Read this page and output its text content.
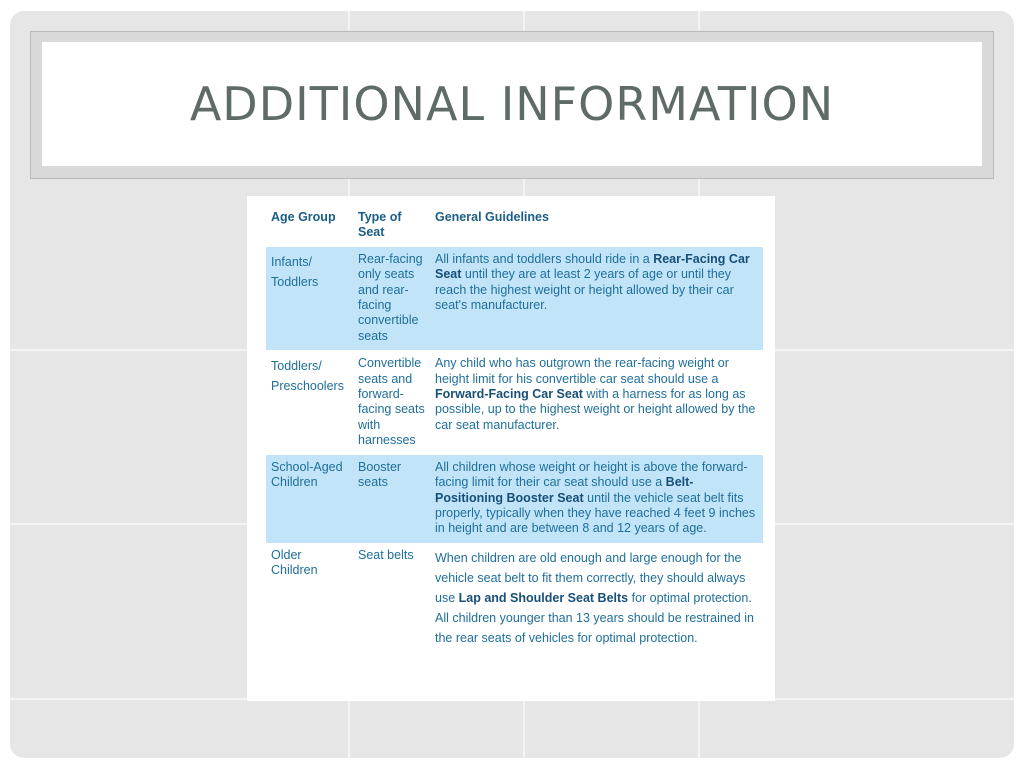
ADDITIONAL INFORMATION
Age Group	Type of Seat	General Guidelines
Infants/ Toddlers	Rear-facing only seats and rear-facing convertible seats	All infants and toddlers should ride in a Rear-Facing Car Seat until they are at least 2 years of age or until they reach the highest weight or height allowed by their car seat's manufacturer.
Toddlers/ Preschoolers	Convertible seats and forward-facing seats with harnesses	Any child who has outgrown the rear-facing weight or height limit for his convertible car seat should use a Forward-Facing Car Seat with a harness for as long as possible, up to the highest weight or height allowed by the car seat manufacturer.
School-Aged Children	Booster seats	All children whose weight or height is above the forward-facing limit for their car seat should use a Belt-Positioning Booster Seat until the vehicle seat belt fits properly, typically when they have reached 4 feet 9 inches in height and are between 8 and 12 years of age.
Older Children	Seat belts	When children are old enough and large enough for the vehicle seat belt to fit them correctly, they should always use Lap and Shoulder Seat Belts for optimal protection.
All children younger than 13 years should be restrained in the rear seats of vehicles for optimal protection.
